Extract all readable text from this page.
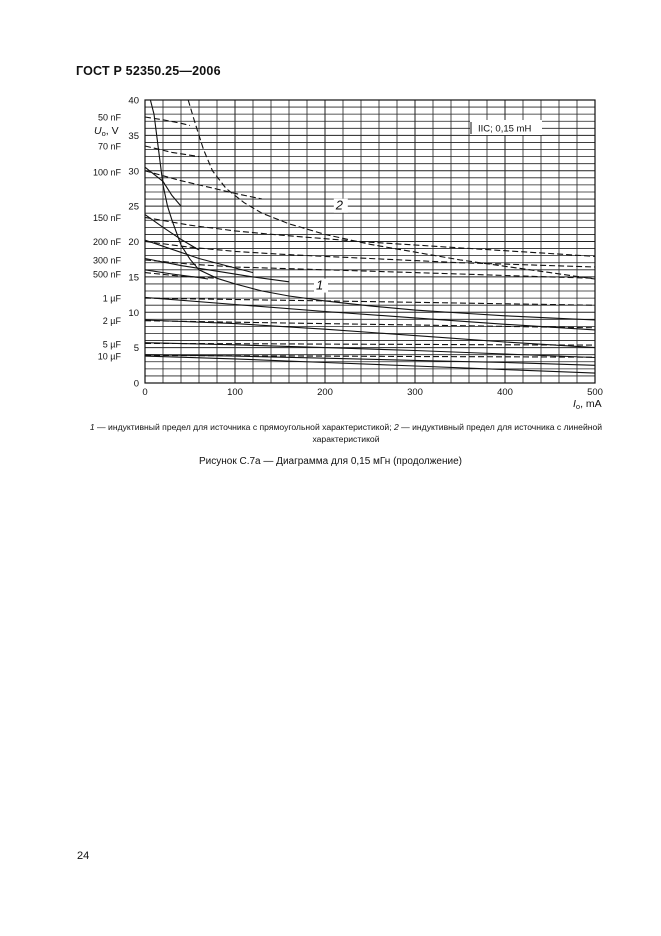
ГОСТ Р 52350.25—2006
0	100	200	300	400	500
0
5
10
15
20
25
30
35
40
50 nF
70 nF
100 nF
150 nF
200 nF
300 nF
500 nF
1 µF
2 µF
5 µF
10 µF
1
2
IIC; 0,15 mH
Uo, V
Io, mA
1 — индуктивный предел для источника с прямоугольной характеристикой; 2 — индуктивный предел для источника с линейной характеристикой
Рисунок С.7а — Диаграмма для 0,15 мГн (продолжение)
24
